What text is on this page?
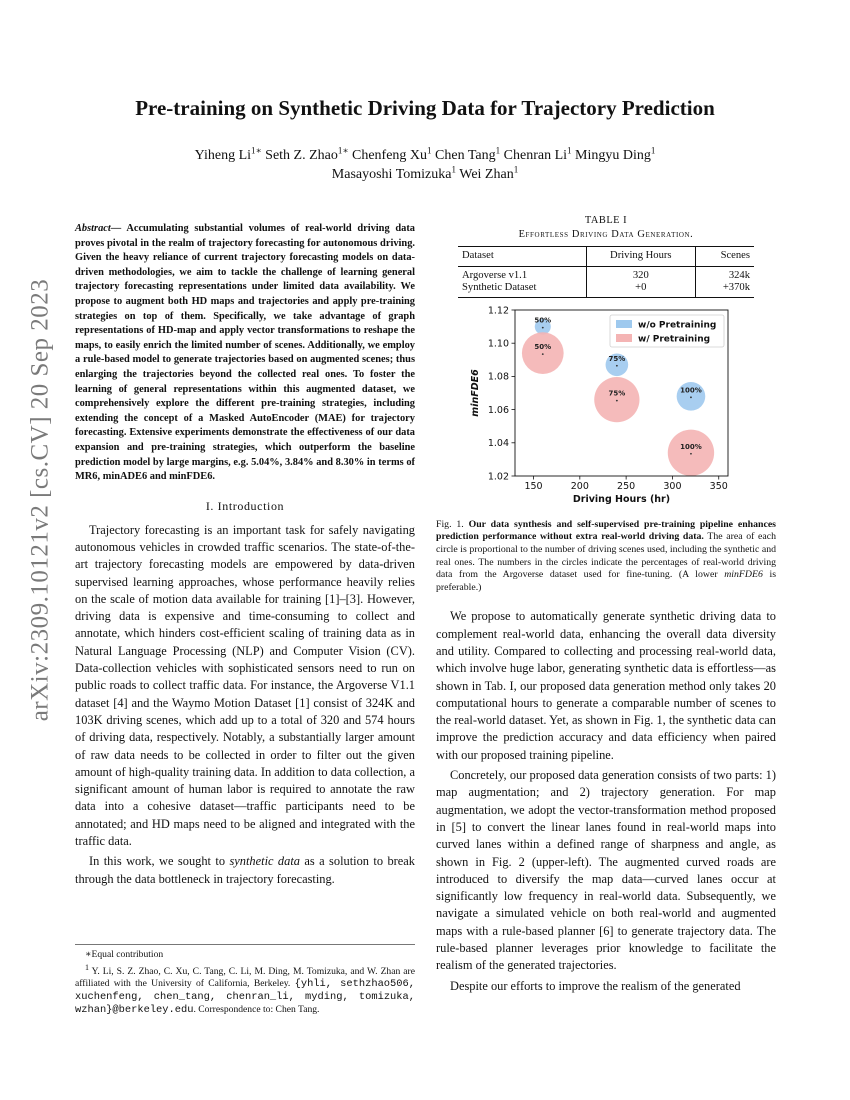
arXiv:2309.10121v2 [cs.CV] 20 Sep 2023
Pre-training on Synthetic Driving Data for Trajectory Prediction
Yiheng $Li^{1∗}$ Seth Z. Zhao$^{1∗}$ Chenfeng Xu$^1$ Chen Tang$^1$ Chenran Li$^1$ Mingyu Ding$^1$
Masayoshi Tomizuka$^1$ Wei Zhan$^1$
Abstract— Accumulating substantial volumes of real-world driving data proves pivotal in the realm of trajectory forecasting for autonomous driving. Given the heavy reliance of current trajectory forecasting models on data-driven methodologies, we aim to tackle the challenge of learning general trajectory forecasting representations under limited data availability. We propose to augment both HD maps and trajectories and apply pre-training strategies on top of them. Specifically, we take advantage of graph representations of HD-map and apply vector transformations to reshape the maps, to easily enrich the limited number of scenes. Additionally, we employ a rule-based model to generate trajectories based on augmented scenes; thus enlarging the trajectories beyond the collected real ones. To foster the learning of general representations within this augmented dataset, we comprehensively explore the different pre-training strategies, including extending the concept of a Masked AutoEncoder (MAE) for trajectory forecasting. Extensive experiments demonstrate the effectiveness of our data expansion and pre-training strategies, which outperform the baseline prediction model by large margins, e.g. 5.04%, 3.84% and 8.30% in terms of MR6, minADE6 and minFDE6.
I. Introduction

Trajectory forecasting is an important task for safely navigating autonomous vehicles in crowded traffic scenarios. The state-of-the-art trajectory forecasting models are empowered by data-driven supervised learning approaches, whose performance heavily relies on the scale of motion data available for training [1]–[3]. However, driving data is expensive and time-consuming to collect and annotate, which hinders cost-efficient scaling of training data as in Natural Language Processing (NLP) and Computer Vision (CV). Data-collection vehicles with sophisticated sensors need to run on public roads to collect traffic data. For instance, the Argoverse V1.1 dataset [4] and the Waymo Motion Dataset [1] consist of 324K and 103K driving scenes, which add up to a total of 320 and 574 hours of driving data, respectively. Notably, a substantially larger amount of raw data needs to be collected in order to filter out the given amount of high-quality training data. In addition to data collection, a significant amount of human labor is required to annotate the raw data into a cohesive dataset—traffic participants need to be annotated; and HD maps need to be aligned and integrated with the traffic data.

In this work, we sought to synthetic data as a solution to break through the data bottleneck in trajectory forecasting.

∗Equal contribution

$^1$ Y. Li, S. Z. Zhao, C. Xu, C. Tang, C. Li, M. Ding, M. Tomizuka, and W. Zhan are affiliated with the University of California, Berkeley. {yhli, sethzhao506, xuchenfeng, chen_tang, chenran_li, myding, tomizuka, wzhan}@berkeley.edu. Correspondence to: Chen Tang.

TABLE I
Effortless Driving Data Generation.
Dataset	Driving Hours	Scenes
Argoverse v1.1	320	324k
Synthetic Dataset	+0	+370k
50%
75%
100%
50%
75%
100%
150	200	250	300	350
1.02
1.04
1.06
1.08
1.10
1.12
Driving Hours (hr)
minFDE6
w/o Pretraining
w/ Pretraining
Fig. 1. Our data synthesis and self-supervised pre-training pipeline enhances prediction performance without extra real-world driving data. The area of each circle is proportional to the number of driving scenes used, including the synthetic and real ones. The numbers in the circles indicate the percentages of real-world driving data from the Argoverse dataset used for fine-tuning. (A lower minFDE6 is preferable.)

We propose to automatically generate synthetic driving data to complement real-world data, enhancing the overall data diversity and utility. Compared to collecting and processing real-world data, which involve huge labor, generating synthetic data is effortless—as shown in Tab. I, our proposed data generation method only takes 20 computational hours to generate a comparable number of scenes to the real-world dataset. Yet, as shown in Fig. 1, the synthetic data can improve the prediction accuracy and data efficiency when paired with our proposed training pipeline.

Concretely, our proposed data generation consists of two parts: 1) map augmentation; and 2) trajectory generation. For map augmentation, we adopt the vector-transformation method proposed in [5] to convert the linear lanes found in real-world maps into curved lanes within a defined range of sharpness and angle, as shown in Fig. 2 (upper-left). The augmented curved roads are introduced to diversify the map data—curved lanes occur at significantly low frequency in real-world data. Subsequently, we navigate a simulated vehicle on both real-world and augmented maps with a rule-based planner [6] to generate trajectory data. The rule-based planner leverages prior knowledge to facilitate the realism of the generated trajectories.

Despite our efforts to improve the realism of the generated
